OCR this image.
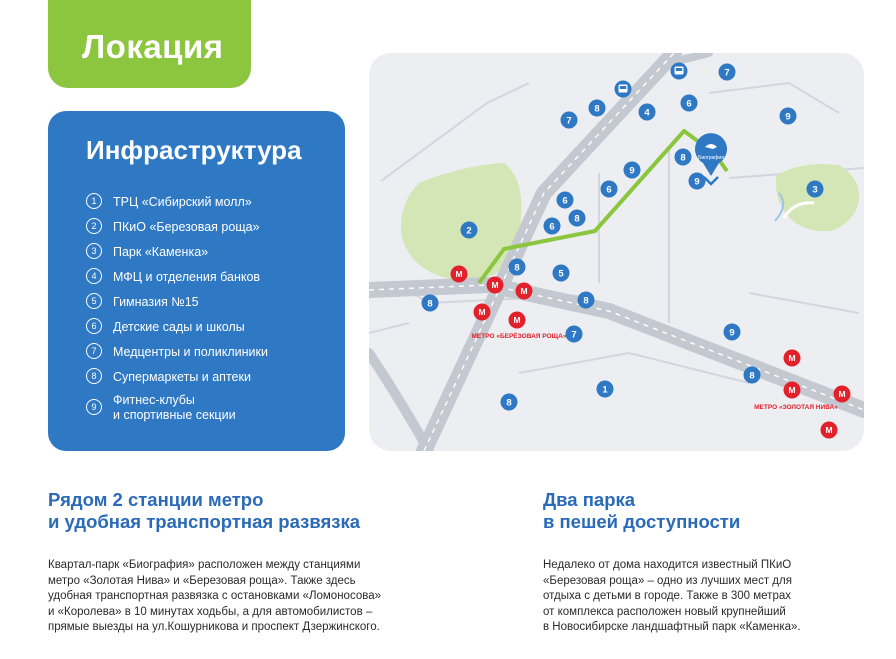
Локация
Инфраструктура
1	ТРЦ «Сибирский молл»
2	ПКиО «Березовая роща»
3	Парк «Каменка»
4	МФЦ и отделения банков
5	Гимназия №15
6	Детские сады и школы
7	Медцентры и поликлиники
8	Супермаркеты и аптеки
9	Фитнес-клубы
и спортивные секции
7
8	4
6
7	9
8
9
9
6
6
8
6
2
8
5
8
8
7	9
8
1
8
3
М
М
М
М
М
М
М	М
М
МЕТРО «БЕРЁЗОВАЯ РОЩА»
МЕТРО «ЗОЛОТАЯ НИВА»
Биография
Рядом 2 станции метро
и удобная транспортная развязка

Квартал-парк «Биография» расположен между станциями
метро «Золотая Нива» и «Березовая роща». Также здесь
удобная транспортная развязка с остановками «Ломоносова»
и «Королева» в 10 минутах ходьбы, а для автомобилистов –
прямые выезды на ул.Кошурникова и проспект Дзержинского.

Два парка
в пешей доступности

Недалеко от дома находится известный ПКиО
«Березовая роща» – одно из лучших мест для
отдыха с детьми в городе. Также в 300 метрах
от комплекса расположен новый крупнейший
в Новосибирске ландшафтный парк «Каменка».
